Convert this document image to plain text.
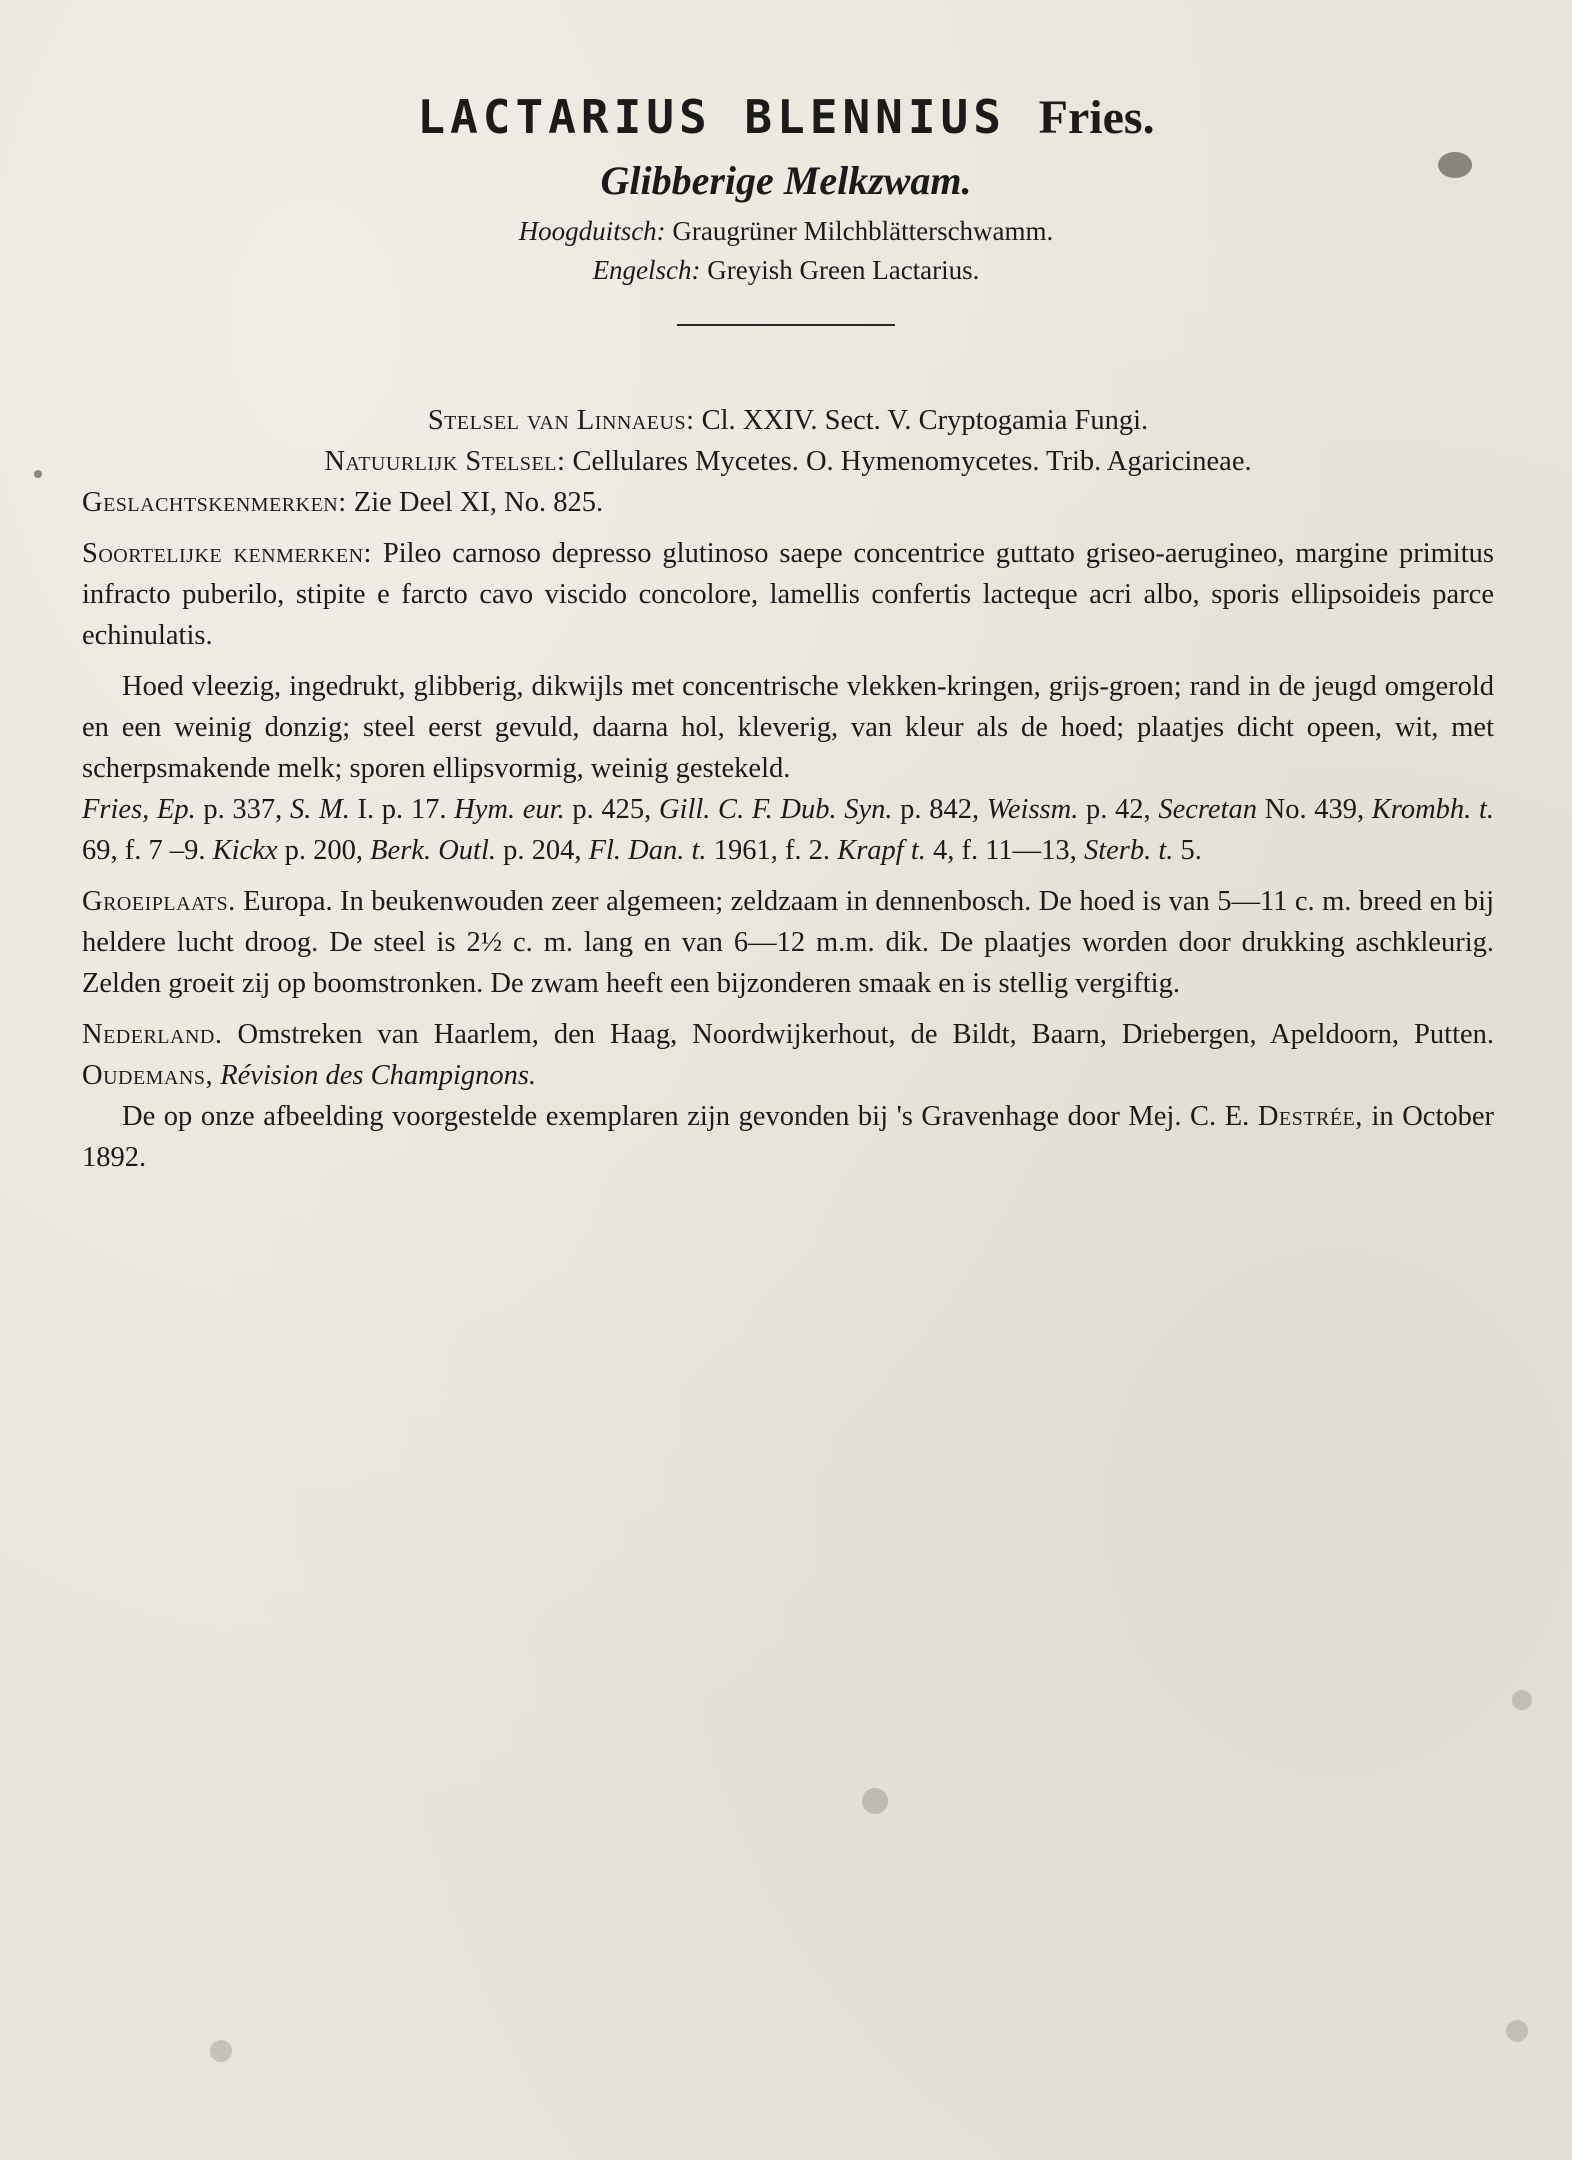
LACTARIUS BLENNIUS Fries.

Glibberige Melkzwam.
Hoogduitsch: Graugrüner Milchblätterschwamm.
Engelsch: Greyish Green Lactarius.

Stelsel van Linnaeus: Cl. XXIV. Sect. V. Cryptogamia Fungi.

Natuurlijk Stelsel: Cellulares Mycetes. O. Hymenomycetes. Trib. Agaricineae.

Geslachtskenmerken: Zie Deel XI, No. 825.

Soortelijke kenmerken: Pileo carnoso depresso glutinoso saepe concentrice guttato griseo-aerugineo, margine primitus infracto puberilo, stipite e farcto cavo viscido concolore, lamellis confertis lacteque acri albo, sporis ellipsoideis parce echinulatis.

Hoed vleezig, ingedrukt, glibberig, dikwijls met concentrische vlekken-kringen, grijs-groen; rand in de jeugd omgerold en een weinig donzig; steel eerst gevuld, daarna hol, kleverig, van kleur als de hoed; plaatjes dicht opeen, wit, met scherpsmakende melk; sporen ellipsvormig, weinig gestekeld.

Fries, Ep. p. 337, S. M. I. p. 17. Hym. eur. p. 425, Gill. C. F. Dub. Syn. p. 842, Weissm. p. 42, Secretan No. 439, Krombh. t. 69, f. 7 –9. Kickx p. 200, Berk. Outl. p. 204, Fl. Dan. t. 1961, f. 2. Krapf t. 4, f. 11—13, Sterb. t. 5.

Groeiplaats. Europa. In beukenwouden zeer algemeen; zeldzaam in dennenbosch. De hoed is van 5—11 c. m. breed en bij heldere lucht droog. De steel is 2½ c. m. lang en van 6—12 m.m. dik. De plaatjes worden door drukking aschkleurig. Zelden groeit zij op boomstronken. De zwam heeft een bijzonderen smaak en is stellig vergiftig.

Nederland. Omstreken van Haarlem, den Haag, Noordwijkerhout, de Bildt, Baarn, Driebergen, Apeldoorn, Putten. Oudemans, Révision des Champignons.

De op onze afbeelding voorgestelde exemplaren zijn gevonden bij 's Gravenhage door Mej. C. E. Destrée, in October 1892.
